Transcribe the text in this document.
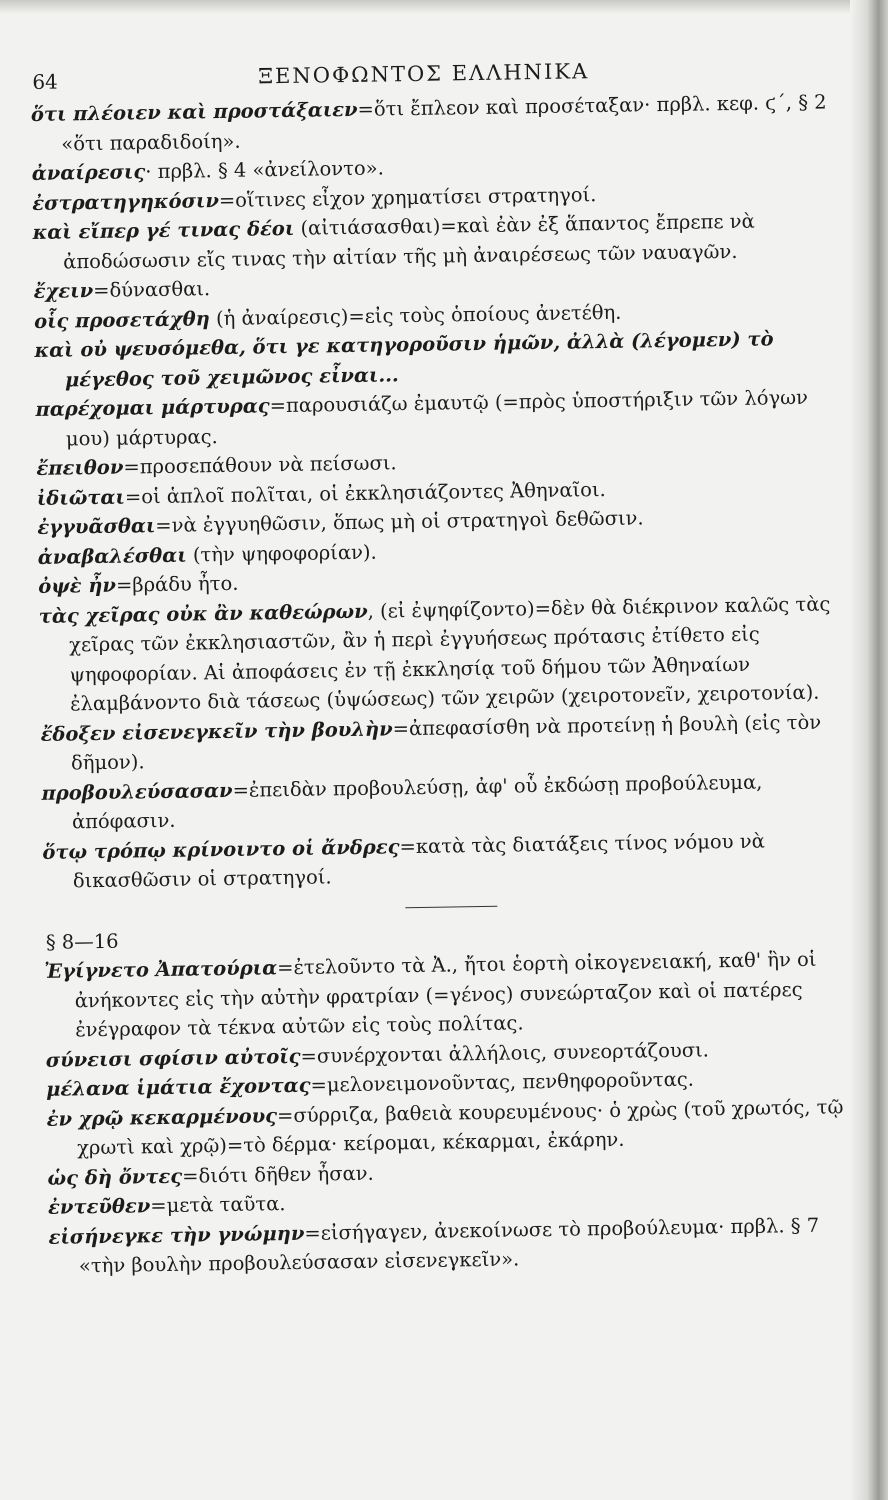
64	ΞΕΝΟΦΩΝΤΟΣ ΕΛΛΗΝΙΚΑ

ὅτι πλέοιεν καὶ προστάξαιεν=ὅτι ἔπλεον καὶ προσέταξαν· πρβλ. κεφ. ϛ΄, § 2 «ὅτι παραδιδοίη».

ἀναίρεσις· πρβλ. § 4 «ἀνείλοντο».

ἐστρατηγηκόσιν=οἵτινες εἶχον χρηματίσει στρατηγοί.

καὶ εἴπερ γέ τινας δέοι (αἰτιάσασθαι)=καὶ ἐὰν ἐξ ἅπαντος ἔπρεπε νὰ ἀποδώσωσιν εἴς τινας τὴν αἰτίαν τῆς μὴ ἀναιρέσεως τῶν ναυαγῶν.

ἔχειν=δύνασθαι.

οἷς προσετάχθη (ἡ ἀναίρεσις)=εἰς τοὺς ὁποίους ἀνετέθη.

καὶ οὐ ψευσόμεθα, ὅτι γε κατηγοροῦσιν ἡμῶν, ἀλλὰ (λέγομεν) τὸ μέγεθος τοῦ χειμῶνος εἶναι...

παρέχομαι μάρτυρας=παρουσιάζω ἐμαυτῷ (=πρὸς ὑποστήριξιν τῶν λόγων μου) μάρτυρας.

ἔπειθον=προσεπάθουν νὰ πείσωσι.

ἰδιῶται=οἱ ἁπλοῖ πολῖται, οἱ ἐκκλησιάζοντες Ἀθηναῖοι.

ἐγγυᾶσθαι=νὰ ἐγγυηθῶσιν, ὅπως μὴ οἱ στρατηγοὶ δεθῶσιν.

ἀναβαλέσθαι (τὴν ψηφοφορίαν).

ὀψὲ ἦν=βράδυ ἦτο.

τὰς χεῖρας οὐκ ἂν καθεώρων, (εἰ ἐψηφίζοντο)=δὲν θὰ διέκρινον καλῶς τὰς χεῖρας τῶν ἐκκλησιαστῶν, ἂν ἡ περὶ ἐγγυήσεως πρότασις ἐτίθετο εἰς ψηφοφορίαν. Αἱ ἀποφάσεις ἐν τῇ ἐκκλησίᾳ τοῦ δήμου τῶν Ἀθηναίων ἐλαμβάνοντο διὰ τάσεως (ὑψώσεως) τῶν χειρῶν (χειροτονεῖν, χειροτονία).

ἔδοξεν εἰσενεγκεῖν τὴν βουλὴν=ἀπεφασίσθη νὰ προτείνῃ ἡ βουλὴ (εἰς τὸν δῆμον).

προβουλεύσασαν=ἐπειδὰν προβουλεύσῃ, ἀφ' οὗ ἐκδώσῃ προβούλευμα, ἀπόφασιν.

ὅτῳ τρόπῳ κρίνοιντο οἱ ἄνδρες=κατὰ τὰς διατάξεις τίνος νόμου νὰ δικασθῶσιν οἱ στρατηγοί.

§ 8—16

Ἐγίγνετο Ἀπατούρια=ἐτελοῦντο τὰ Ἀ., ἤτοι ἑορτὴ οἰκογενειακή, καθ' ἣν οἱ ἀνήκοντες εἰς τὴν αὐτὴν φρατρίαν (=γένος) συνεώρταζον καὶ οἱ πατέρες ἐνέγραφον τὰ τέκνα αὐτῶν εἰς τοὺς πολίτας.

σύνεισι σφίσιν αὐτοῖς=συνέρχονται ἀλλήλοις, συνεορτάζουσι.

μέλανα ἱμάτια ἔχοντας=μελονειμονοῦντας, πενθηφοροῦντας.

ἐν χρῷ κεκαρμένους=σύρριζα, βαθειὰ κουρευμένους· ὁ χρὼς (τοῦ χρωτός, τῷ χρωτὶ καὶ χρῷ)=τὸ δέρμα· κείρομαι, κέκαρμαι, ἐκάρην.

ὡς δὴ ὄντες=διότι δῆθεν ἦσαν.

ἐντεῦθεν=μετὰ ταῦτα.

εἰσήνεγκε τὴν γνώμην=εἰσήγαγεν, ἀνεκοίνωσε τὸ προβούλευμα· πρβλ. § 7 «τὴν βουλὴν προβουλεύσασαν εἰσενεγκεῖν».
